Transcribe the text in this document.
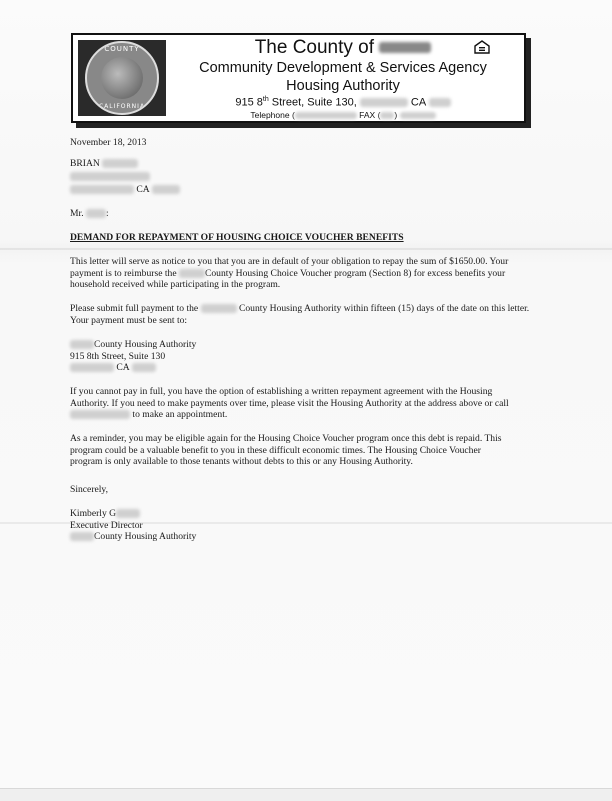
COUNTY
CALIFORNIA
The County of
Community Development & Services Agency
Housing Authority
915 8th Street, Suite 130,	CA
Telephone (	FAX ( )
November 18, 2013
BRIAN
CA
Mr. :
DEMAND FOR REPAYMENT OF HOUSING CHOICE VOUCHER BENEFITS
This letter will serve as notice to you that you are in default of your obligation to repay the sum of $1650.00. Your
payment is to reimburse the	County Housing Choice Voucher program (Section 8) for excess benefits your
household received while participating in the program.
Please submit full payment to the	County Housing Authority within fifteen (15) days of the date on this letter.
Your payment must be sent to:
County Housing Authority
915 8th Street, Suite 130
CA
If you cannot pay in full, you have the option of establishing a written repayment agreement with the Housing
Authority. If you need to make payments over time, please visit the Housing Authority at the address above or call
to make an appointment.
As a reminder, you may be eligible again for the Housing Choice Voucher program once this debt is repaid. This
program could be a valuable benefit to you in these difficult economic times. The Housing Choice Voucher
program is only available to those tenants without debts to this or any Housing Authority.
Sincerely,
Kimberly G
Executive Director
County Housing Authority
